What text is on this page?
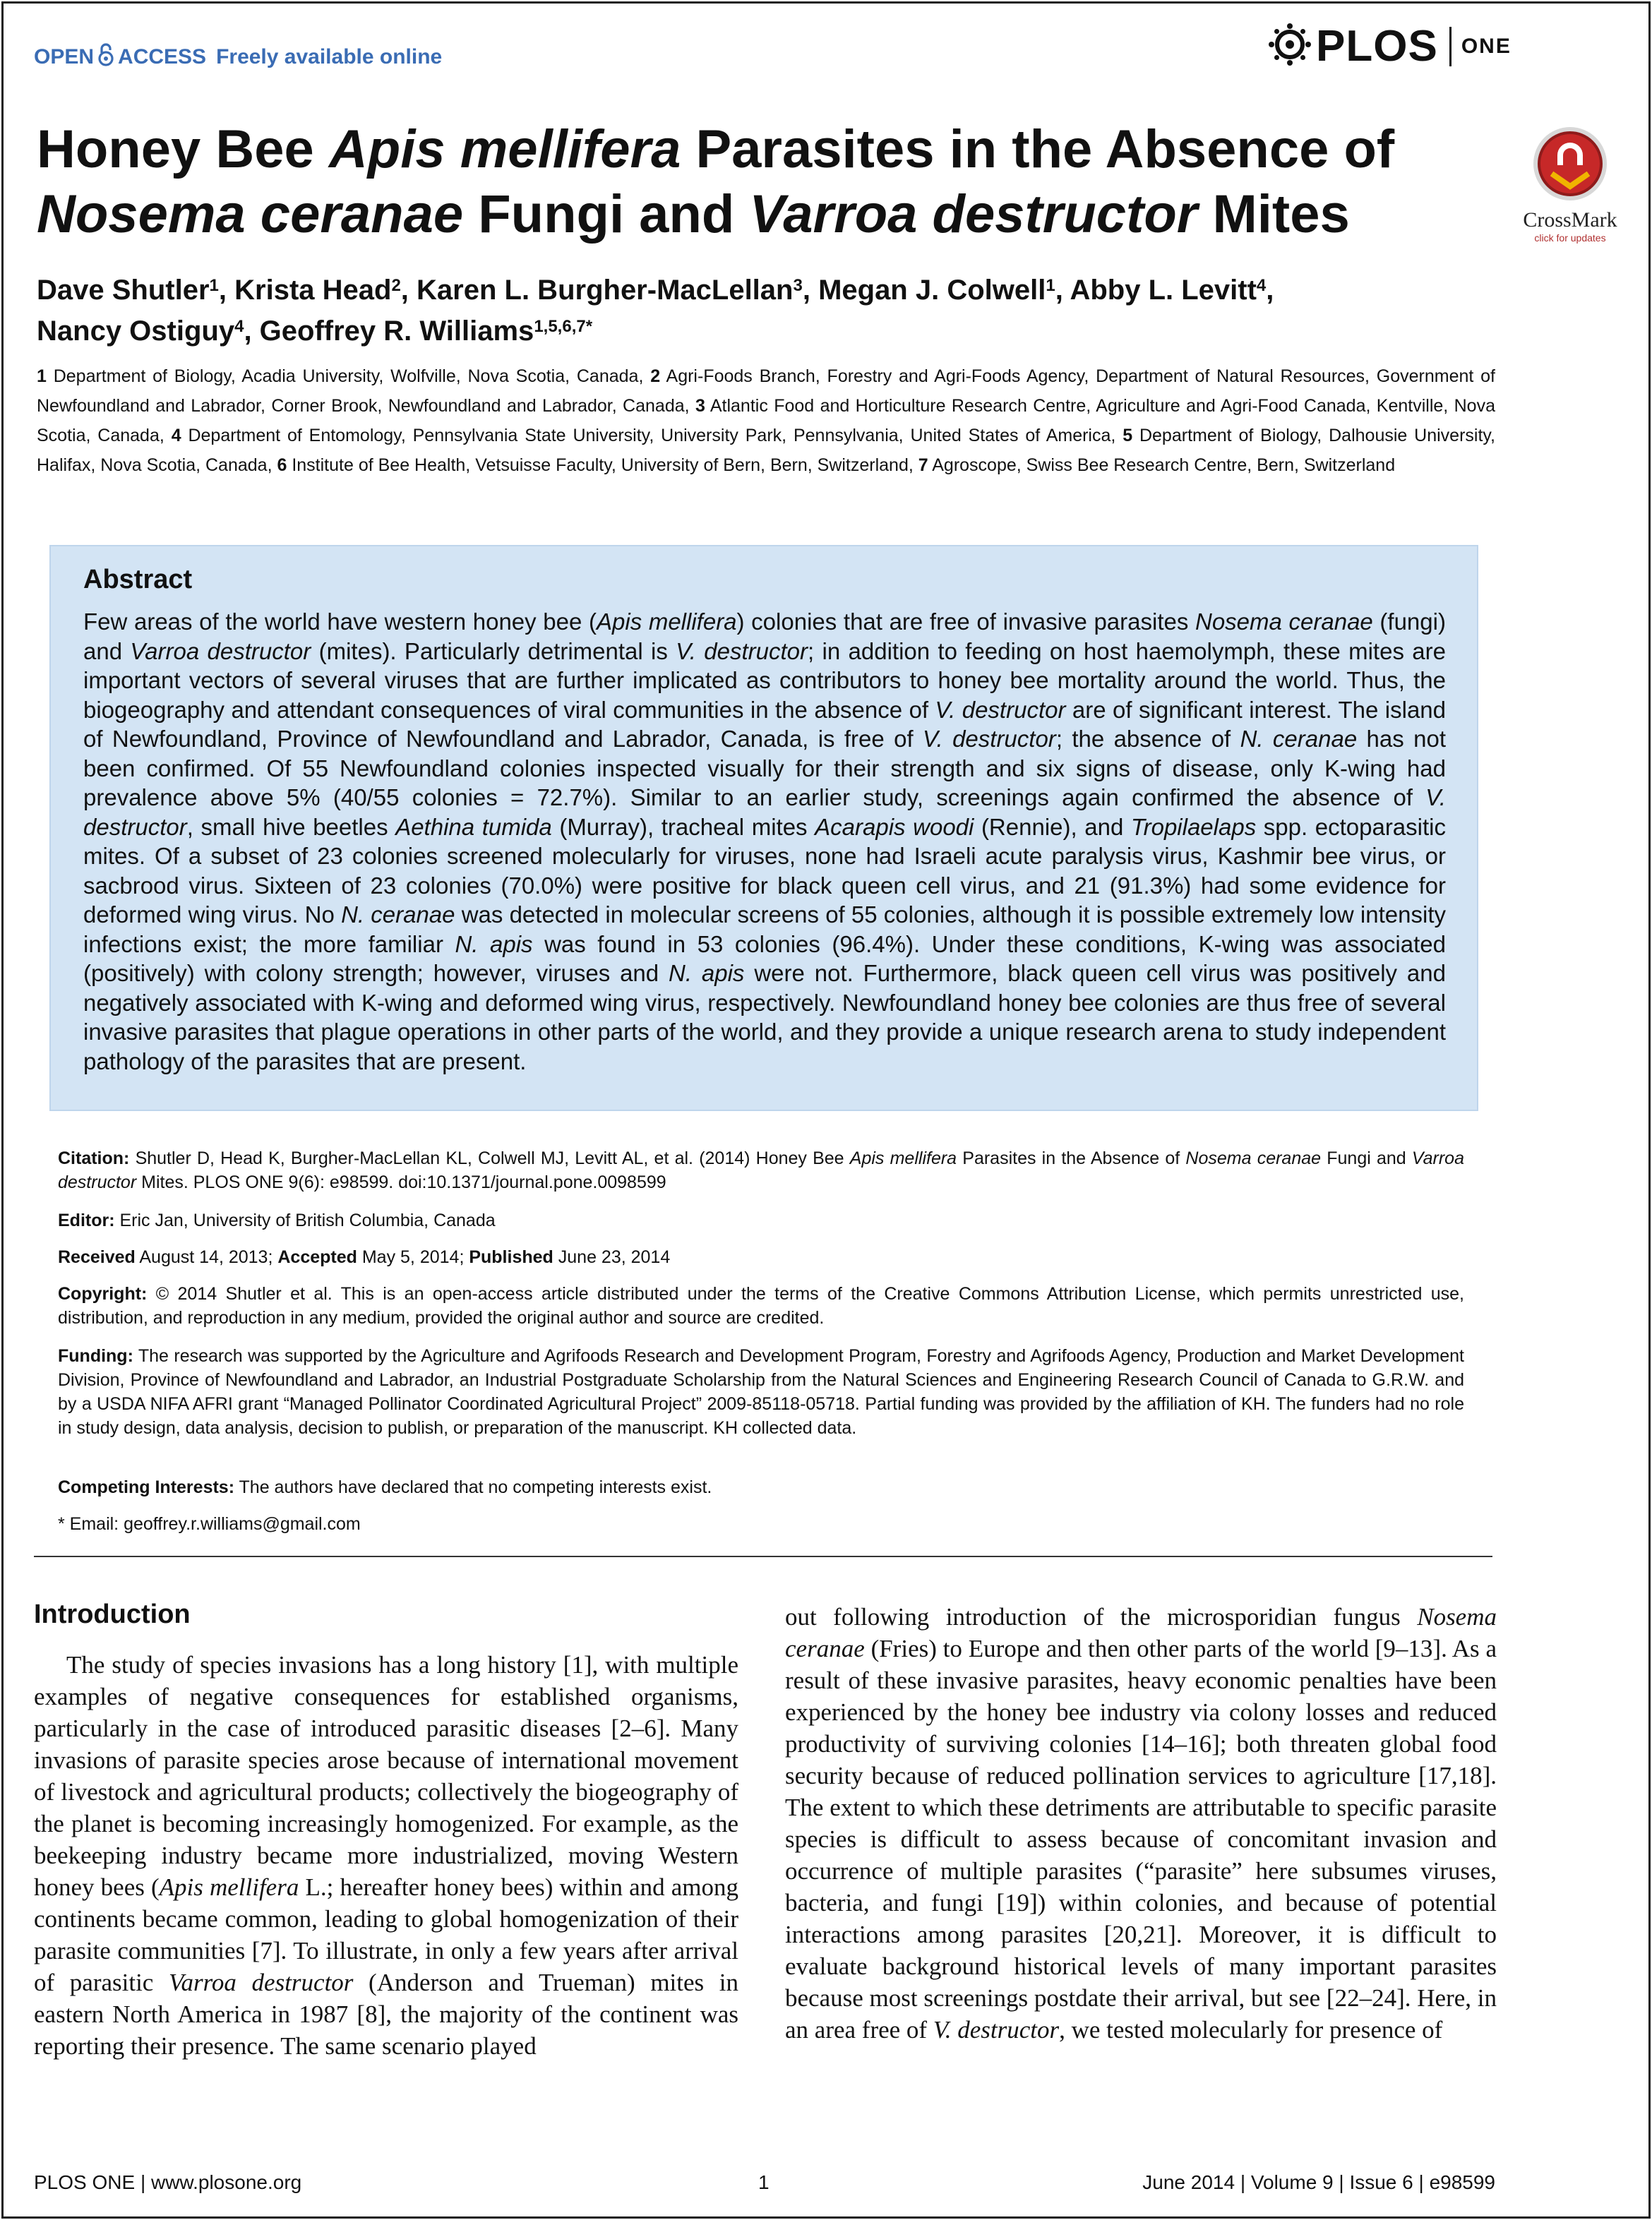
OPEN ACCESS Freely available online	PLOS ONE
Honey Bee Apis mellifera Parasites in the Absence of
Nosema ceranae Fungi and Varroa destructor Mites	CrossMark
click for updates
Dave Shutler$^1$, Krista Head$^2$, Karen L. Burgher-MacLellan$^3$, Megan J. Colwell$^1$, Abby L. Levitt$^4$,
Nancy Ostiguy$^4$, Geoffrey R. Williams$^{1,5,6,7*}$
1 Department of Biology, Acadia University, Wolfville, Nova Scotia, Canada, 2 Agri-Foods Branch, Forestry and Agri-Foods Agency, Department of Natural Resources, Government of Newfoundland and Labrador, Corner Brook, Newfoundland and Labrador, Canada, 3 Atlantic Food and Horticulture Research Centre, Agriculture and Agri-Food Canada, Kentville, Nova Scotia, Canada, 4 Department of Entomology, Pennsylvania State University, University Park, Pennsylvania, United States of America, 5 Department of Biology, Dalhousie University, Halifax, Nova Scotia, Canada, 6 Institute of Bee Health, Vetsuisse Faculty, University of Bern, Bern, Switzerland, 7 Agroscope, Swiss Bee Research Centre, Bern, Switzerland
Abstract

Few areas of the world have western honey bee (Apis mellifera) colonies that are free of invasive parasites Nosema ceranae (fungi) and Varroa destructor (mites). Particularly detrimental is V. destructor; in addition to feeding on host haemolymph, these mites are important vectors of several viruses that are further implicated as contributors to honey bee mortality around the world. Thus, the biogeography and attendant consequences of viral communities in the absence of V. destructor are of significant interest. The island of Newfoundland, Province of Newfoundland and Labrador, Canada, is free of V. destructor; the absence of N. ceranae has not been confirmed. Of 55 Newfoundland colonies inspected visually for their strength and six signs of disease, only K-wing had prevalence above 5% (40/55 colonies = 72.7%). Similar to an earlier study, screenings again confirmed the absence of V. destructor, small hive beetles Aethina tumida (Murray), tracheal mites Acarapis woodi (Rennie), and Tropilaelaps spp. ectoparasitic mites. Of a subset of 23 colonies screened molecularly for viruses, none had Israeli acute paralysis virus, Kashmir bee virus, or sacbrood virus. Sixteen of 23 colonies (70.0%) were positive for black queen cell virus, and 21 (91.3%) had some evidence for deformed wing virus. No N. ceranae was detected in molecular screens of 55 colonies, although it is possible extremely low intensity infections exist; the more familiar N. apis was found in 53 colonies (96.4%). Under these conditions, K-wing was associated (positively) with colony strength; however, viruses and N. apis were not. Furthermore, black queen cell virus was positively and negatively associated with K-wing and deformed wing virus, respectively. Newfoundland honey bee colonies are thus free of several invasive parasites that plague operations in other parts of the world, and they provide a unique research arena to study independent pathology of the parasites that are present.

Citation: Shutler D, Head K, Burgher-MacLellan KL, Colwell MJ, Levitt AL, et al. (2014) Honey Bee Apis mellifera Parasites in the Absence of Nosema ceranae Fungi and Varroa destructor Mites. PLOS ONE 9(6): e98599. doi:10.1371/journal.pone.0098599

Editor: Eric Jan, University of British Columbia, Canada

Received August 14, 2013; Accepted May 5, 2014; Published June 23, 2014

Copyright: © 2014 Shutler et al. This is an open-access article distributed under the terms of the Creative Commons Attribution License, which permits unrestricted use, distribution, and reproduction in any medium, provided the original author and source are credited.

Funding: The research was supported by the Agriculture and Agrifoods Research and Development Program, Forestry and Agrifoods Agency, Production and Market Development Division, Province of Newfoundland and Labrador, an Industrial Postgraduate Scholarship from the Natural Sciences and Engineering Research Council of Canada to G.R.W. and by a USDA NIFA AFRI grant “Managed Pollinator Coordinated Agricultural Project” 2009-85118-05718. Partial funding was provided by the affiliation of KH. The funders had no role in study design, data analysis, decision to publish, or preparation of the manuscript. KH collected data.

Competing Interests: The authors have declared that no competing interests exist.

* Email: geoffrey.r.williams@gmail.com

Introduction

The study of species invasions has a long history [1], with multiple examples of negative consequences for established organisms, particularly in the case of introduced parasitic diseases [2–6]. Many invasions of parasite species arose because of international movement of livestock and agricultural products; collectively the biogeography of the planet is becoming increasingly homogenized. For example, as the beekeeping industry became more industrialized, moving Western honey bees (Apis mellifera L.; hereafter honey bees) within and among continents became common, leading to global homogenization of their parasite communities [7]. To illustrate, in only a few years after arrival of parasitic Varroa destructor (Anderson and Trueman) mites in eastern North America in 1987 [8], the majority of the continent was reporting their presence. The same scenario played

out following introduction of the microsporidian fungus Nosema ceranae (Fries) to Europe and then other parts of the world [9–13]. As a result of these invasive parasites, heavy economic penalties have been experienced by the honey bee industry via colony losses and reduced productivity of surviving colonies [14–16]; both threaten global food security because of reduced pollination services to agriculture [17,18]. The extent to which these detriments are attributable to specific parasite species is difficult to assess because of concomitant invasion and occurrence of multiple parasites (“parasite” here subsumes viruses, bacteria, and fungi [19]) within colonies, and because of potential interactions among parasites [20,21]. Moreover, it is difficult to evaluate background historical levels of many important parasites because most screenings postdate their arrival, but see [22–24]. Here, in an area free of V. destructor, we tested molecularly for presence of

PLOS ONE | www.plosone.org	1	June 2014 | Volume 9 | Issue 6 | e98599
